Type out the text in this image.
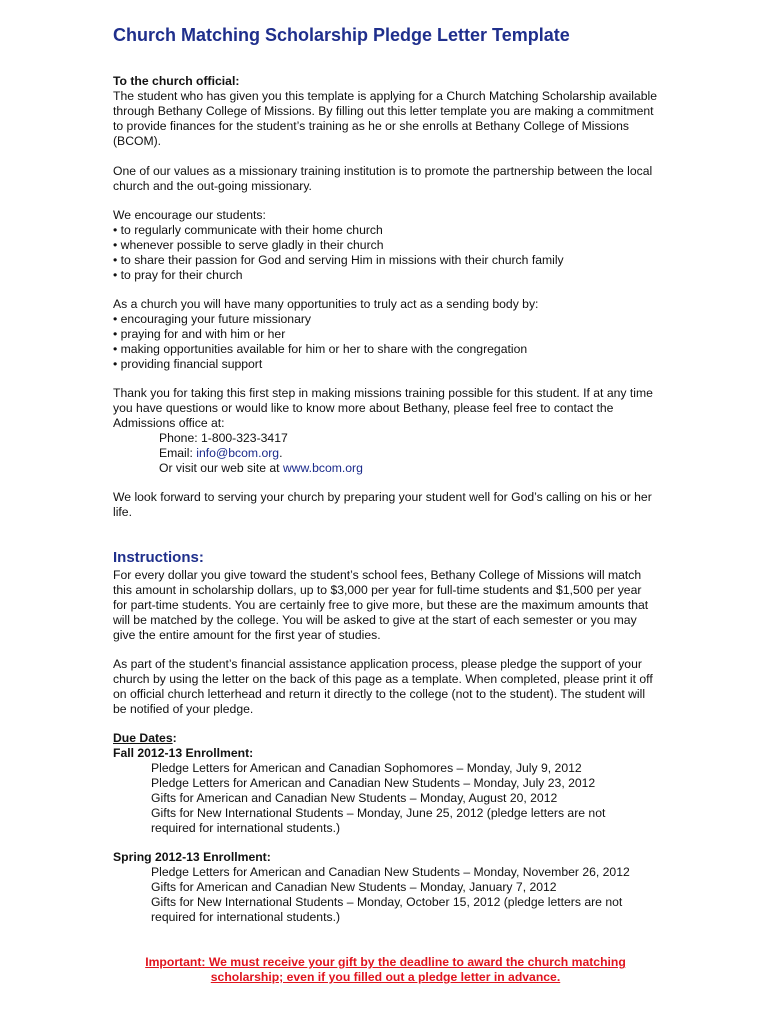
Church Matching Scholarship Pledge Letter Template

To the church official:

The student who has given you this template is applying for a Church Matching Scholarship available through Bethany College of Missions. By filling out this letter template you are making a commitment to provide finances for the student’s training as he or she enrolls at Bethany College of Missions (BCOM).

One of our values as a missionary training institution is to promote the partnership between the local church and the out-going missionary.

We encourage our students:

• to regularly communicate with their home church

• whenever possible to serve gladly in their church

• to share their passion for God and serving Him in missions with their church family

• to pray for their church

As a church you will have many opportunities to truly act as a sending body by:

• encouraging your future missionary

• praying for and with him or her

• making opportunities available for him or her to share with the congregation

• providing financial support

Thank you for taking this first step in making missions training possible for this student. If at any time you have questions or would like to know more about Bethany, please feel free to contact the Admissions office at:

Phone: 1-800-323-3417

Email: info@bcom.org.

Or visit our web site at www.bcom.org

We look forward to serving your church by preparing your student well for God’s calling on his or her life.

Instructions:

For every dollar you give toward the student’s school fees, Bethany College of Missions will match this amount in scholarship dollars, up to $3,000 per year for full-time students and $1,500 per year for part-time students. You are certainly free to give more, but these are the maximum amounts that will be matched by the college. You will be asked to give at the start of each semester or you may give the entire amount for the first year of studies.

As part of the student’s financial assistance application process, please pledge the support of your church by using the letter on the back of this page as a template. When completed, please print it off on official church letterhead and return it directly to the college (not to the student). The student will be notified of your pledge.

Due Dates:

Fall 2012-13 Enrollment:

Pledge Letters for American and Canadian Sophomores – Monday, July 9, 2012

Pledge Letters for American and Canadian New Students – Monday, July 23, 2012

Gifts for American and Canadian New Students – Monday, August 20, 2012

Gifts for New International Students – Monday, June 25, 2012 (pledge letters are not

required for international students.)

Spring 2012-13 Enrollment:

Pledge Letters for American and Canadian New Students – Monday, November 26, 2012

Gifts for American and Canadian New Students – Monday, January 7, 2012

Gifts for New International Students – Monday, October 15, 2012 (pledge letters are not

required for international students.)

Important: We must receive your gift by the deadline to award the church matching
scholarship; even if you filled out a pledge letter in advance.
